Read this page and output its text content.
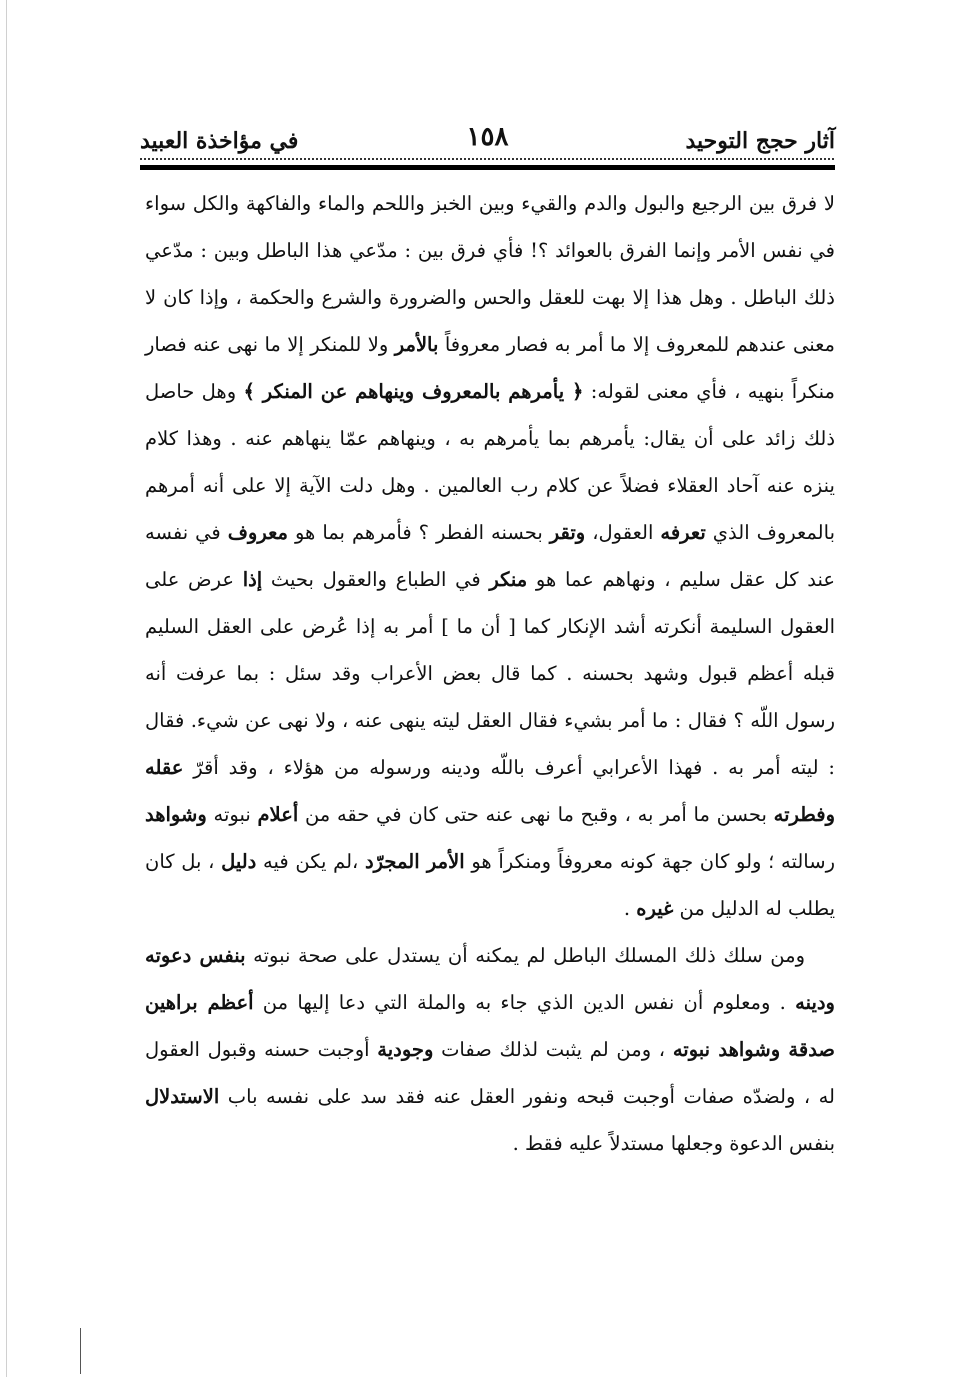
آثار حجج التوحيد
١٥٨
في مؤاخذة العبيد

لا فرق بين الرجيع والبول والدم والقيء وبين الخبز واللحم والماء والفاكهة والكل سواء في نفس الأمر وإنما الفرق بالعوائد ؟! فأي فرق بين : مدّعي هذا الباطل وبين : مدّعي ذلك الباطل . وهل هذا إلا بهت للعقل والحس والضرورة والشرع والحكمة ، وإذا كان لا معنى عندهم للمعروف إلا ما أمر به فصار معروفاً بالأمر ولا للمنكر إلا ما نهى عنه فصار منكراً بنهيه ، فأي معنى لقوله: ﴿ يأمرهم بالمعروف وينهاهم عن المنكر ﴾ وهل حاصل ذلك زائد على أن يقال: يأمرهم بما يأمرهم به ، وينهاهم عمّا ينهاهم عنه . وهذا كلام ينزه عنه آحاد العقلاء فضلاً عن كلام رب العالمين . وهل دلت الآية إلا على أنه أمرهم بالمعروف الذي تعرفه العقول، وتقر بحسنه الفطر ؟ فأمرهم بما هو معروف في نفسه عند كل عقل سليم ، ونهاهم عما هو منكر في الطباع والعقول بحيث إذا عرض على العقول السليمة أنكرته أشد الإنكار كما [ أن ما ] أمر به إذا عُرض على العقل السليم قبله أعظم قبول وشهد بحسنه . كما قال بعض الأعراب وقد سئل : بما عرفت أنه رسول اللّه ؟ فقال : ما أمر بشيء فقال العقل ليته ينهى عنه ، ولا نهى عن شيء. فقال : ليته أمر به . فهذا الأعرابي أعرف باللّه ودينه ورسوله من هؤلاء ، وقد أقرّ عقله وفطرته بحسن ما أمر به ، وقبح ما نهى عنه حتى كان في حقه من أعلام نبوته وشواهد رسالته ؛ ولو كان جهة كونه معروفاً ومنكراً هو الأمر المجرّد ،لم يكن فيه دليل ، بل كان يطلب له الدليل من غيره .

ومن سلك ذلك المسلك الباطل لم يمكنه أن يستدل على صحة نبوته بنفس دعوته ودينه . ومعلوم أن نفس الدين الذي جاء به والملة التي دعا إليها من أعظم براهين صدقة وشواهد نبوته ، ومن لم يثبت لذلك صفات وجودية أوجبت حسنه وقبول العقول له ، ولضدّه صفات أوجبت قبحه ونفور العقل عنه فقد سد على نفسه باب الاستدلال بنفس الدعوة وجعلها مستدلاً عليه فقط .
